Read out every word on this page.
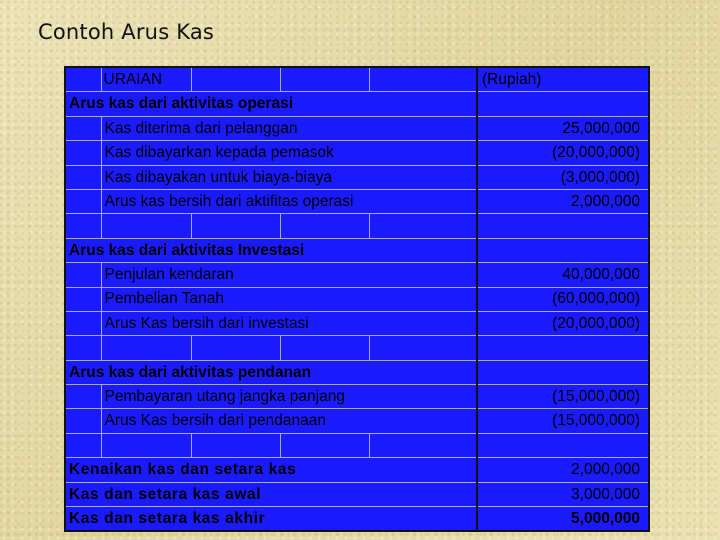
Contoh Arus Kas
	URAIAN				(Rupiah)
Arus kas dari aktivitas operasi					
	Kas diterima dari pelanggan				25,000,000
	Kas dibayarkan kepada pemasok				(20,000,000)
	Kas dibayakan untuk biaya-biaya				(3,000,000)
	Arus kas bersih dari aktifitas operasi				2,000,000

Arus kas dari aktivitas Investasi					
	Penjulan kendaran				40,000,000
	Pembelian Tanah				(60,000,000)
	Arus Kas bersih dari investasi				(20,000,000)

Arus kas dari aktivitas pendanan					
	Pembayaran utang jangka panjang				(15,000,000)
	Arus Kas bersih dari pendanaan				(15,000,000)

Kenaikan kas dan setara kas					2,000,000
Kas dan setara kas awal					3,000,000
Kas dan setara kas akhir					5,000,000
